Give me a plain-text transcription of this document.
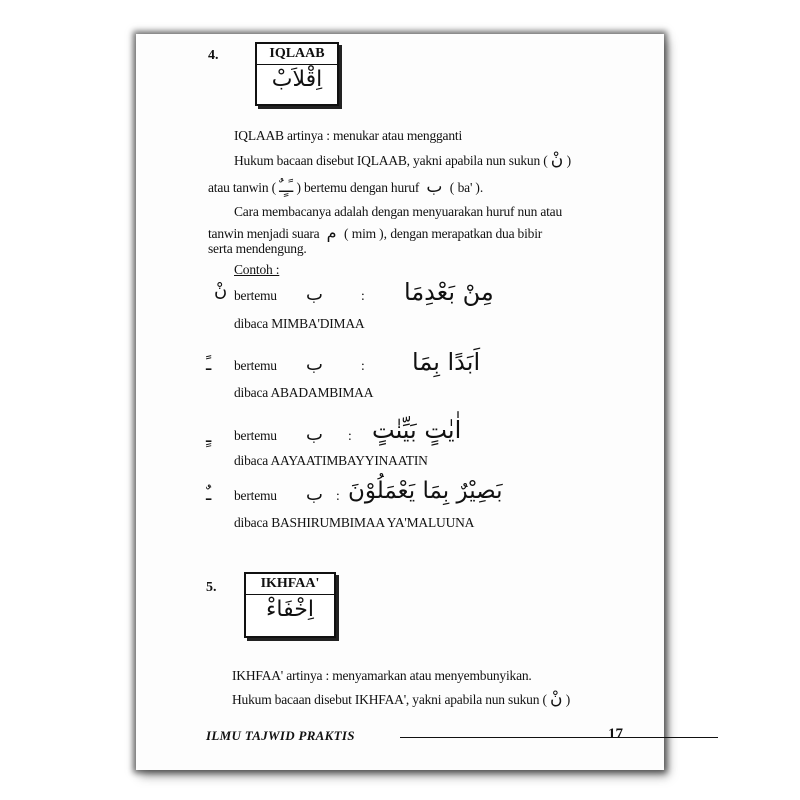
4.	IQLAAB
اِقْلاَبْ
IQLAAB artinya : menukar atau mengganti
Hukum bacaan disebut IQLAAB, yakni apabila nun sukun ( نْ )
atau tanwin ( ـًـٍـٌ ) bertemu dengan huruf ب ( ba' ).
Cara membacanya adalah dengan menyuarakan huruf nun atau
tanwin menjadi suara م ( mim ), dengan merapatkan dua bibir
serta mendengung.
Contoh :
نْ bertemu ب	: مِنْ بَعْدِمَا
dibaca MIMBA'DIMAA
ـً bertemu ب	: اَبَدًا بِمَا
dibaca ABADAMBIMAA
ـٍ bertemu ب : اٰيٰتٍ بَيِّنٰتٍ
dibaca AAYAATIMBAYYINAATIN
ـٌ bertemu ب : بَصِيْرٌ بِمَا يَعْمَلُوْنَ
dibaca BASHIRUMBIMAA YA'MALUUNA
5.	IKHFAA'
اِخْفَاءْ
IKHFAA' artinya : menyamarkan atau menyembunyikan.
Hukum bacaan disebut IKHFAA', yakni apabila nun sukun ( نْ )
ILMU TAJWID PRAKTIS	17
